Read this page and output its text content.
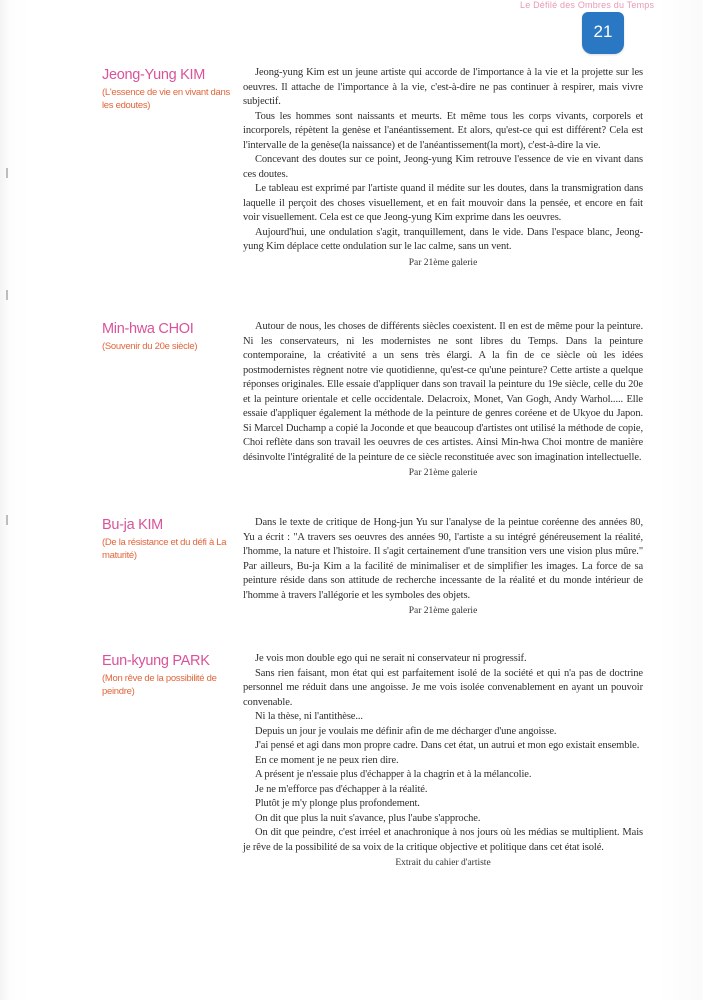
Le Défilé des Ombres du Temps
21
Jeong-Yung KIM
(L'essence de vie en vivant dans les edoutes)

Jeong-yung Kim est un jeune artiste qui accorde de l'importance à la vie et la projette sur les oeuvres. Il attache de l'importance à la vie, c'est-à-dire ne pas continuer à respirer, mais vivre subjectif.

Tous les hommes sont naissants et meurts. Et même tous les corps vivants, corporels et incorporels, répètent la genèse et l'anéantissement. Et alors, qu'est-ce qui est différent? Cela est l'intervalle de la genèse(la naissance) et de l'anéantissement(la mort), c'est-à-dire la vie.

Concevant des doutes sur ce point, Jeong-yung Kim retrouve l'essence de vie en vivant dans ces doutes.

Le tableau est exprimé par l'artiste quand il médite sur les doutes, dans la transmigration dans laquelle il perçoit des choses visuellement, et en fait mouvoir dans la pensée, et encore en fait voir visuellement. Cela est ce que Jeong-yung Kim exprime dans les oeuvres.

Aujourd'hui, une ondulation s'agit, tranquillement, dans le vide. Dans l'espace blanc, Jeong-yung Kim déplace cette ondulation sur le lac calme, sans un vent.

Par 21ème galerie
Min-hwa CHOI
(Souvenir du 20e siècle)

Autour de nous, les choses de différents siècles coexistent. Il en est de même pour la peinture. Ni les conservateurs, ni les modernistes ne sont libres du Temps. Dans la peinture contemporaine, la créativité a un sens très élargi. A la fin de ce siècle où les idées postmodernistes règnent notre vie quotidienne, qu'est-ce qu'une peinture? Cette artiste a quelque réponses originales. Elle essaie d'appliquer dans son travail la peinture du 19e siècle, celle du 20e et la peinture orientale et celle occidentale. Delacroix, Monet, Van Gogh, Andy Warhol..... Elle essaie d'appliquer également la méthode de la peinture de genres coréene et de Ukyoe du Japon. Si Marcel Duchamp a copié la Joconde et que beaucoup d'artistes ont utilisé la méthode de copie, Choi reflète dans son travail les oeuvres de ces artistes. Ainsi Min-hwa Choi montre de manière désinvolte l'intégralité de la peinture de ce siècle reconstituée avec son imagination intellectuelle.

Par 21ème galerie
Bu-ja KIM
(De la résistance et du défi à La maturité)

Dans le texte de critique de Hong-jun Yu sur l'analyse de la peintue coréenne des années 80, Yu a écrit : "A travers ses oeuvres des années 90, l'artiste a su intégré généreusement la réalité, l'homme, la nature et l'histoire. Il s'agit certainement d'une transition vers une vision plus mûre." Par ailleurs, Bu-ja Kim a la facilité de minimaliser et de simplifier les images. La force de sa peinture réside dans son attitude de recherche incessante de la réalité et du monde intérieur de l'homme à travers l'allégorie et les symboles des objets.

Par 21ème galerie
Eun-kyung PARK
(Mon rêve de la possibilité de peindre)

Je vois mon double ego qui ne serait ni conservateur ni progressif.

Sans rien faisant, mon état qui est parfaitement isolé de la société et qui n'a pas de doctrine personnel me réduit dans une angoisse. Je me vois isolée convenablement en ayant un pouvoir convenable.

Ni la thèse, ni l'antithèse...

Depuis un jour je voulais me définir afin de me décharger d'une angoisse.

J'ai pensé et agi dans mon propre cadre. Dans cet état, un autrui et mon ego existait ensemble.

En ce moment je ne peux rien dire.

A présent je n'essaie plus d'échapper à la chagrin et à la mélancolie.

Je ne m'efforce pas d'échapper à la réalité.

Plutôt je m'y plonge plus profondement.

On dit que plus la nuit s'avance, plus l'aube s'approche.

On dit que peindre, c'est irréel et anachronique à nos jours où les médias se multiplient. Mais je rêve de la possibilité de sa voix de la critique objective et politique dans cet état isolé.

Extrait du cahier d'artiste
